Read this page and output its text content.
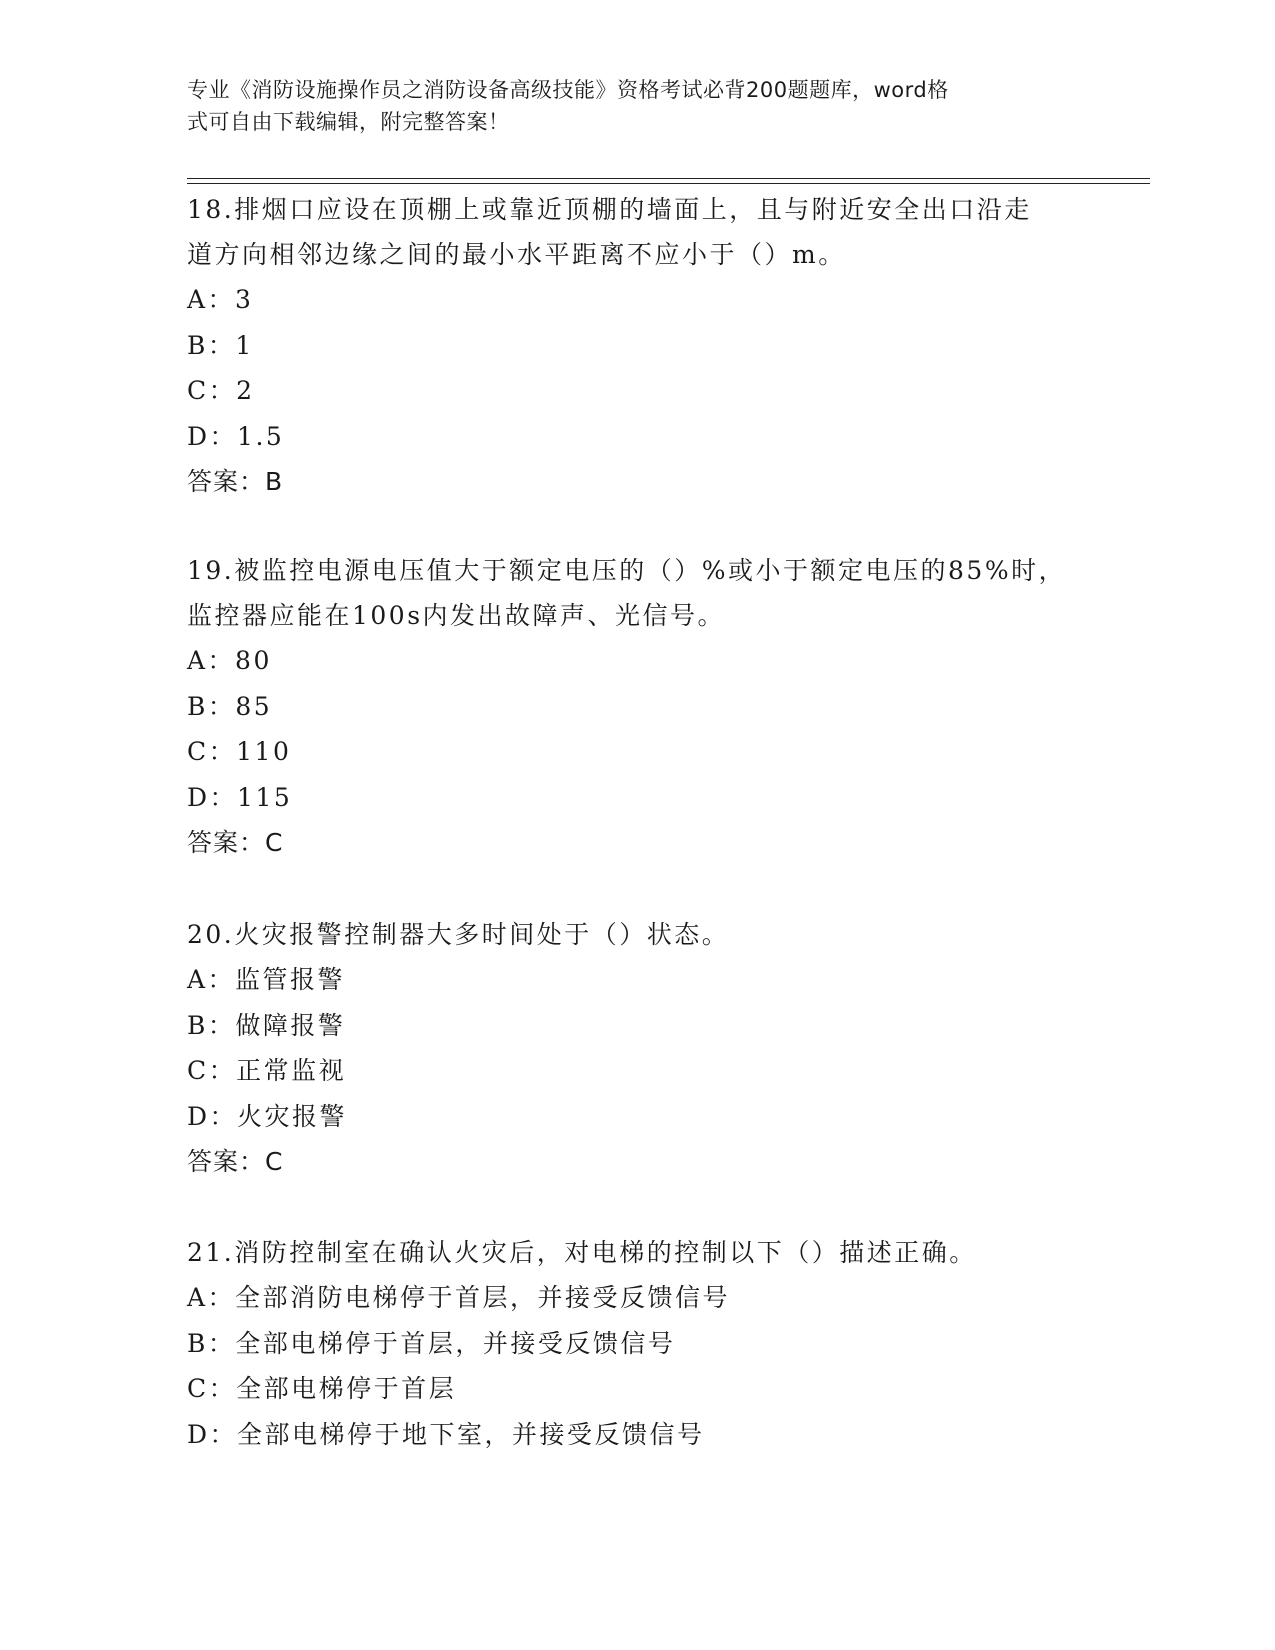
专业《消防设施操作员之消防设备高级技能》资格考试必背200题题库，word格
式可自由下载编辑，附完整答案！

18.排烟口应设在顶棚上或靠近顶棚的墙面上，且与附近安全出口沿走

道方向相邻边缘之间的最小水平距离不应小于（）m。

A：3

B：1

C：2

D：1.5

答案：B

19.被监控电源电压值大于额定电压的（）%或小于额定电压的85%时，

监控器应能在100s内发出故障声、光信号。

A：80

B：85

C：110

D：115

答案：C

20.火灾报警控制器大多时间处于（）状态。

A：监管报警

B：做障报警

C：正常监视

D：火灾报警

答案：C

21.消防控制室在确认火灾后，对电梯的控制以下（）描述正确。

A：全部消防电梯停于首层，并接受反馈信号

B：全部电梯停于首层，并接受反馈信号

C：全部电梯停于首层

D：全部电梯停于地下室，并接受反馈信号
